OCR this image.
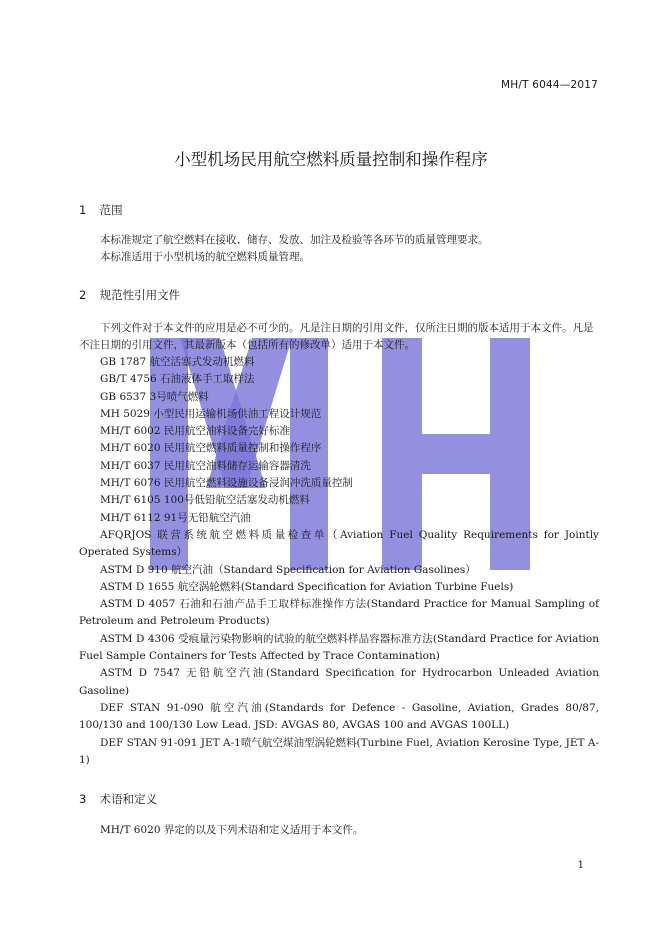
MH/T 6044—2017
小型机场民用航空燃料质量控制和操作程序
1 范围
本标准规定了航空燃料在接收、储存、发放、加注及检验等各环节的质量管理要求。
本标准适用于小型机场的航空燃料质量管理。
2 规范性引用文件
下列文件对于本文件的应用是必不可少的。凡是注日期的引用文件，仅所注日期的版本适用于本文件。凡是不注日期的引用文件，其最新版本（包括所有的修改单）适用于本文件。
GB 1787 航空活塞式发动机燃料
GB/T 4756 石油液体手工取样法
GB 6537 3号喷气燃料
MH 5029 小型民用运输机场供油工程设计规范
MH/T 6002 民用航空油料设备完好标准
MH/T 6020 民用航空燃料质量控制和操作程序
MH/T 6037 民用航空油料储存运输容器清洗
MH/T 6076 民用航空燃料设施设备浸润冲洗质量控制
MH/T 6105 100号低铅航空活塞发动机燃料
MH/T 6112 91号无铅航空汽油
AFQRJOS 联营系统航空燃料质量检查单（Aviation Fuel Quality Requirements for Jointly Operated Systems）
ASTM D 910 航空汽油（Standard Specification for Aviation Gasolines）
ASTM D 1655 航空涡轮燃料(Standard Specification for Aviation Turbine Fuels)
ASTM D 4057 石油和石油产品手工取样标准操作方法(Standard Practice for Manual Sampling of Petroleum and Petroleum Products)
ASTM D 4306 受痕量污染物影响的试验的航空燃料样品容器标准方法(Standard Practice for Aviation Fuel Sample Containers for Tests Affected by Trace Contamination)
ASTM D 7547 无铅航空汽油(Standard Specification for Hydrocarbon Unleaded Aviation Gasoline)
DEF STAN 91-090 航空汽油(Standards for Defence - Gasoline, Aviation, Grades 80/87, 100/130 and 100/130 Low Lead. JSD: AVGAS 80, AVGAS 100 and AVGAS 100LL)
DEF STAN 91-091 JET A-1喷气航空煤油型涡轮燃料(Turbine Fuel, Aviation Kerosine Type, JET A-1)
3 术语和定义
MH/T 6020 界定的以及下列术语和定义适用于本文件。
1
